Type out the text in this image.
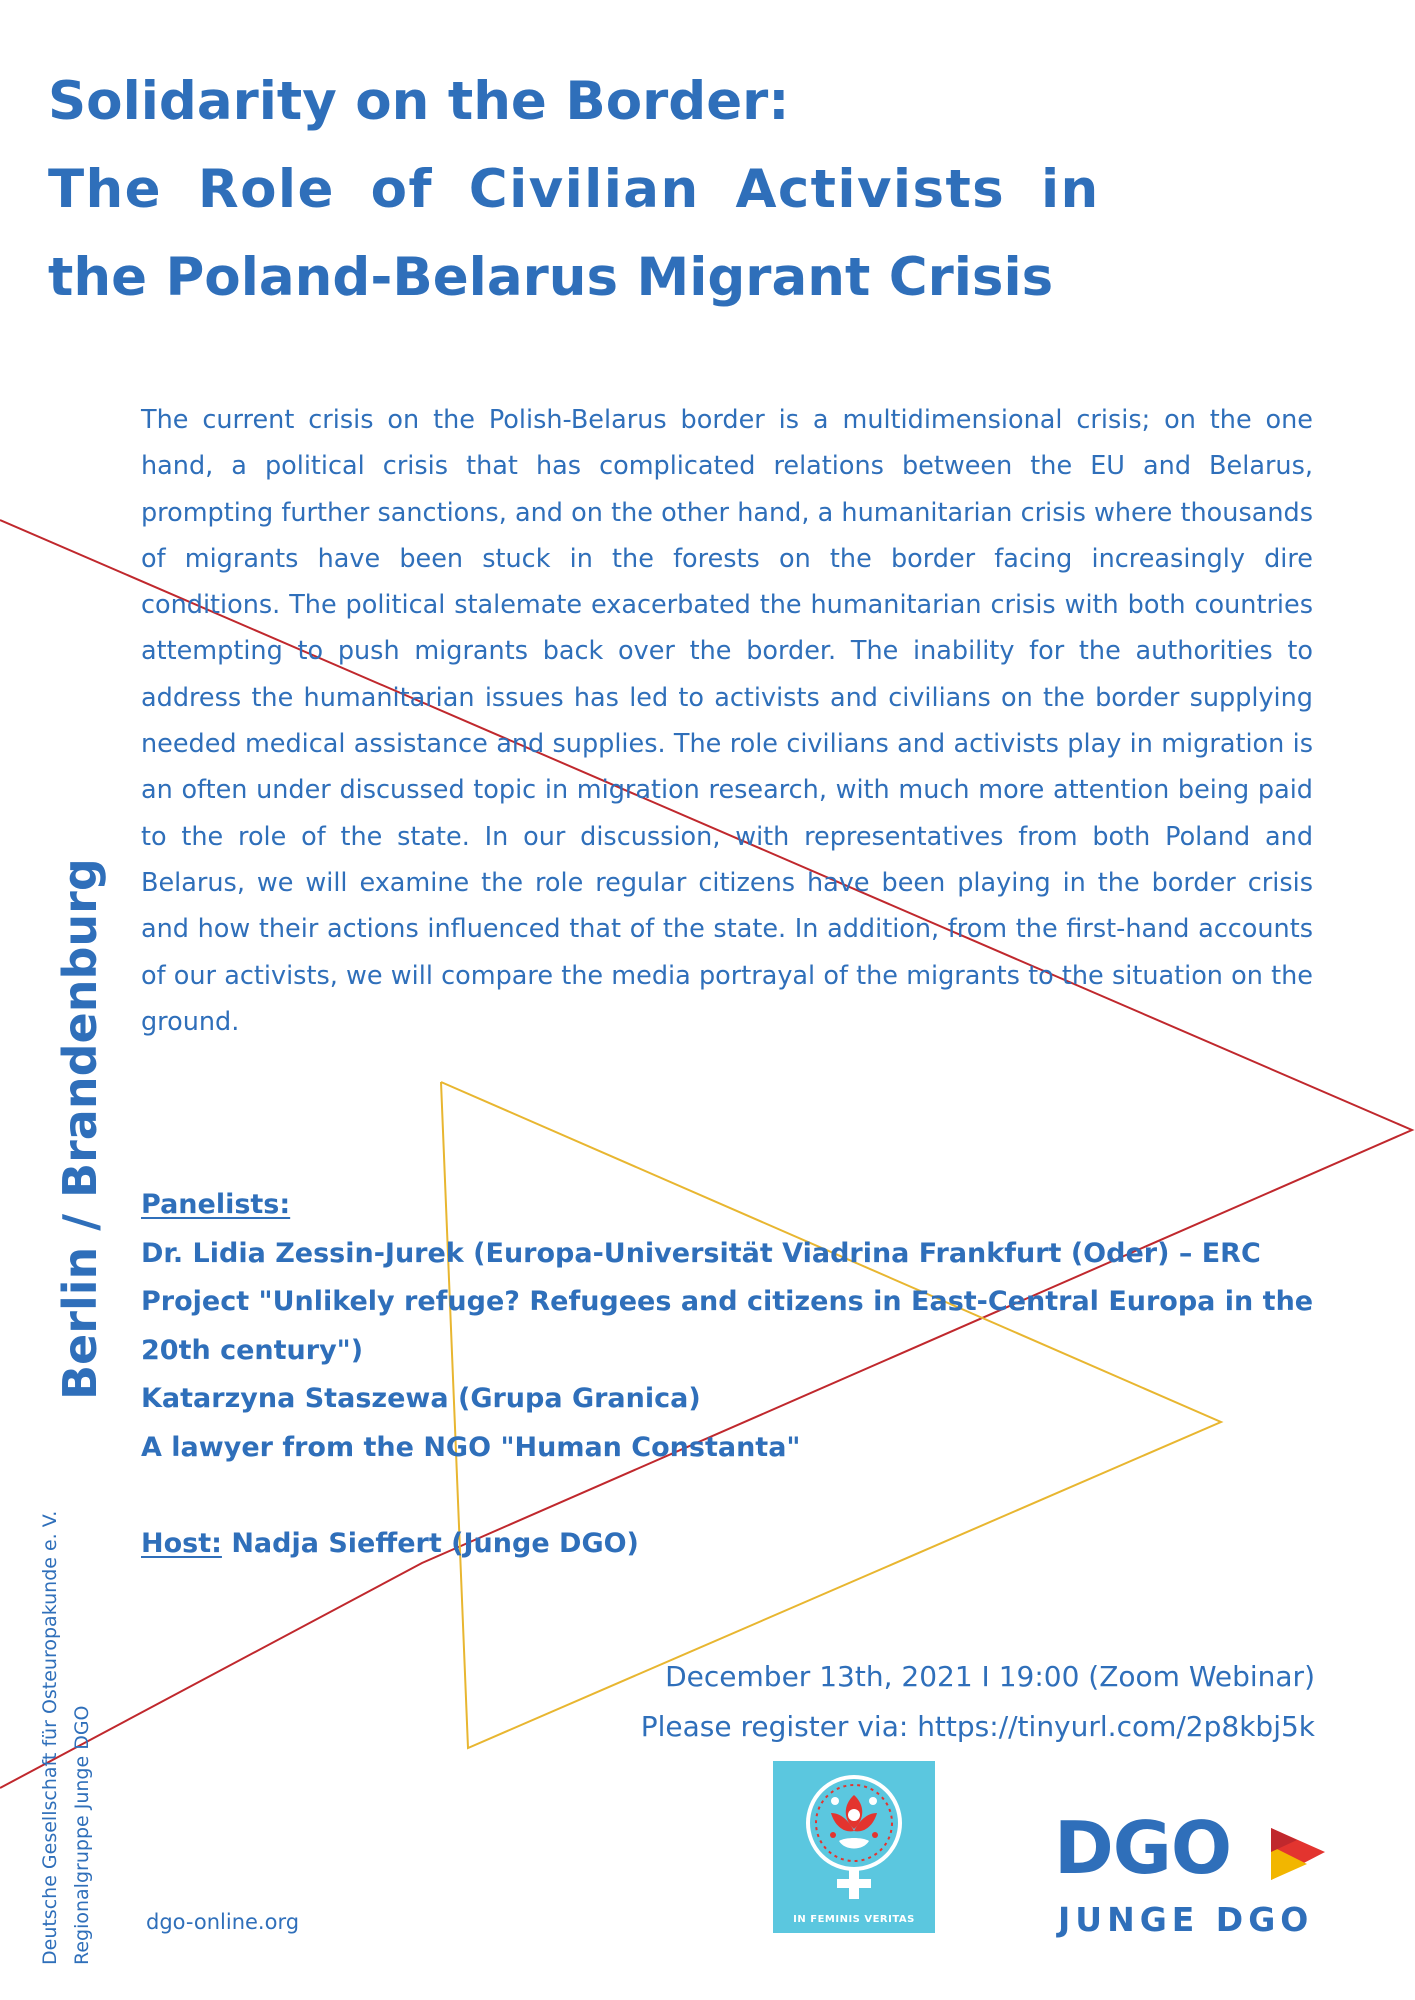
Solidarity on the Border:
The Role of Civilian Activists in
the Poland-Belarus Migrant Crisis

The current crisis on the Polish-Belarus border is a multidimensional crisis; on the one hand, a political crisis that has complicated relations between the EU and Belarus, prompting further sanctions, and on the other hand, a humanitarian crisis where thousands of migrants have been stuck in the forests on the border facing increasingly dire conditions. The political stalemate exacerbated the humanitarian crisis with both countries attempting to push migrants back over the border. The inability for the authorities to address the humanitarian issues has led to activists and civilians on the border supplying needed medical assistance and supplies. The role civilians and activists play in migration is an often under discussed topic in migration research, with much more attention being paid to the role of the state. In our discussion, with representatives from both Poland and Belarus, we will examine the role regular citizens have been playing in the border crisis and how their actions influenced that of the state. In addition, from the first-hand accounts of our activists, we will compare the media portrayal of the migrants to the situation on the ground.

Panelists:
Dr. Lidia Zessin-Jurek (Europa-Universität Viadrina Frankfurt (Oder) – ERC Project "Unlikely refuge? Refugees and citizens in East-Central Europa in the 20th century")
Katarzyna Staszewa (Grupa Granica)
A lawyer from the NGO "Human Constanta"
Host: Nadja Sieffert (Junge DGO)
December 13th, 2021 I 19:00 (Zoom Webinar)
Please register via: https://tinyurl.com/2p8kbj5k
Berlin / Brandenburg
Deutsche Gesellschaft für Osteuropakunde e. V. Regionalgruppe Junge DGO	dgo-online.org	IN FEMINIS VERITAS
DGO
JUNGE DGO
